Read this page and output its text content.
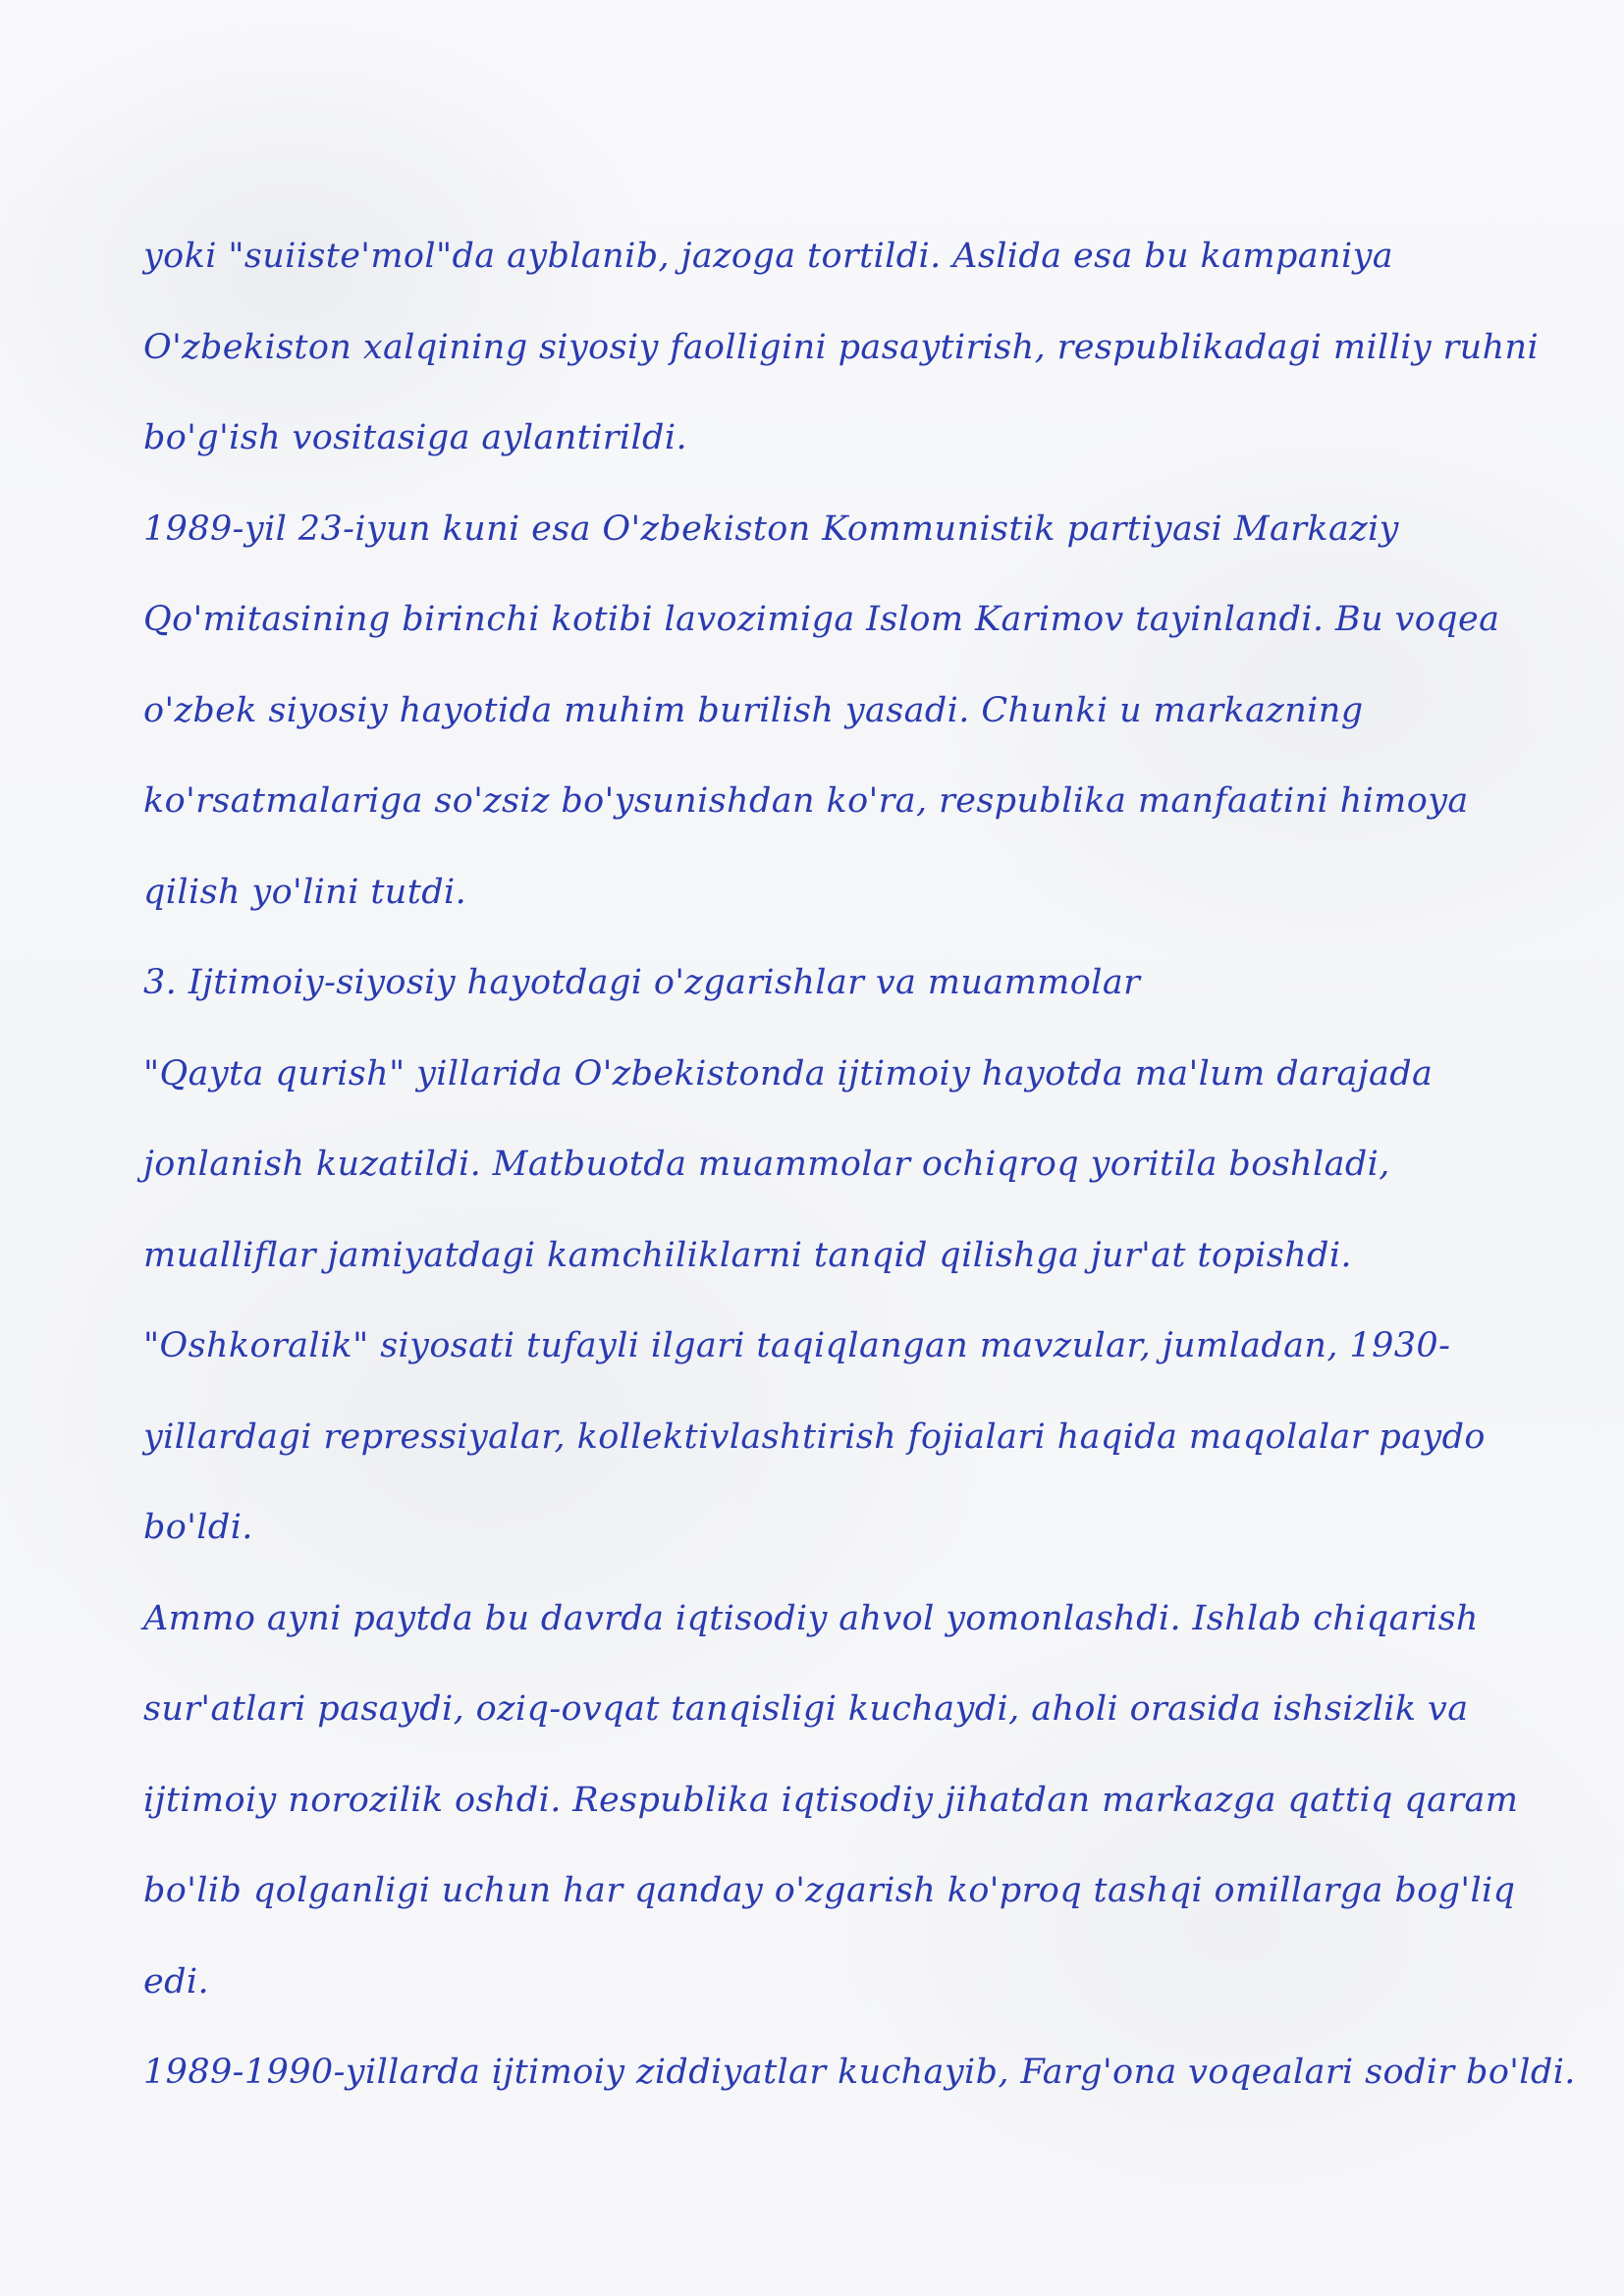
yoki "suiiste'mol"da ayblanib, jazoga tortildi. Aslida esa bu kampaniya
O'zbekiston xalqining siyosiy faolligini pasaytirish, respublikadagi milliy ruhni
bo'g'ish vositasiga aylantirildi.
1989-yil 23-iyun kuni esa O'zbekiston Kommunistik partiyasi Markaziy
Qo'mitasining birinchi kotibi lavozimiga Islom Karimov tayinlandi. Bu voqea
o'zbek siyosiy hayotida muhim burilish yasadi. Chunki u markazning
ko'rsatmalariga so'zsiz bo'ysunishdan ko'ra, respublika manfaatini himoya
qilish yo'lini tutdi.
3. Ijtimoiy-siyosiy hayotdagi o'zgarishlar va muammolar
"Qayta qurish" yillarida O'zbekistonda ijtimoiy hayotda ma'lum darajada
jonlanish kuzatildi. Matbuotda muammolar ochiqroq yoritila boshladi,
mualliflar jamiyatdagi kamchiliklarni tanqid qilishga jur'at topishdi.
"Oshkoralik" siyosati tufayli ilgari taqiqlangan mavzular, jumladan, 1930-
yillardagi repressiyalar, kollektivlashtirish fojialari haqida maqolalar paydo
bo'ldi.
Ammo ayni paytda bu davrda iqtisodiy ahvol yomonlashdi. Ishlab chiqarish
sur'atlari pasaydi, oziq-ovqat tanqisligi kuchaydi, aholi orasida ishsizlik va
ijtimoiy norozilik oshdi. Respublika iqtisodiy jihatdan markazga qattiq qaram
bo'lib qolganligi uchun har qanday o'zgarish ko'proq tashqi omillarga bog'liq
edi.
1989-1990-yillarda ijtimoiy ziddiyatlar kuchayib, Farg'ona voqealari sodir bo'ldi.
